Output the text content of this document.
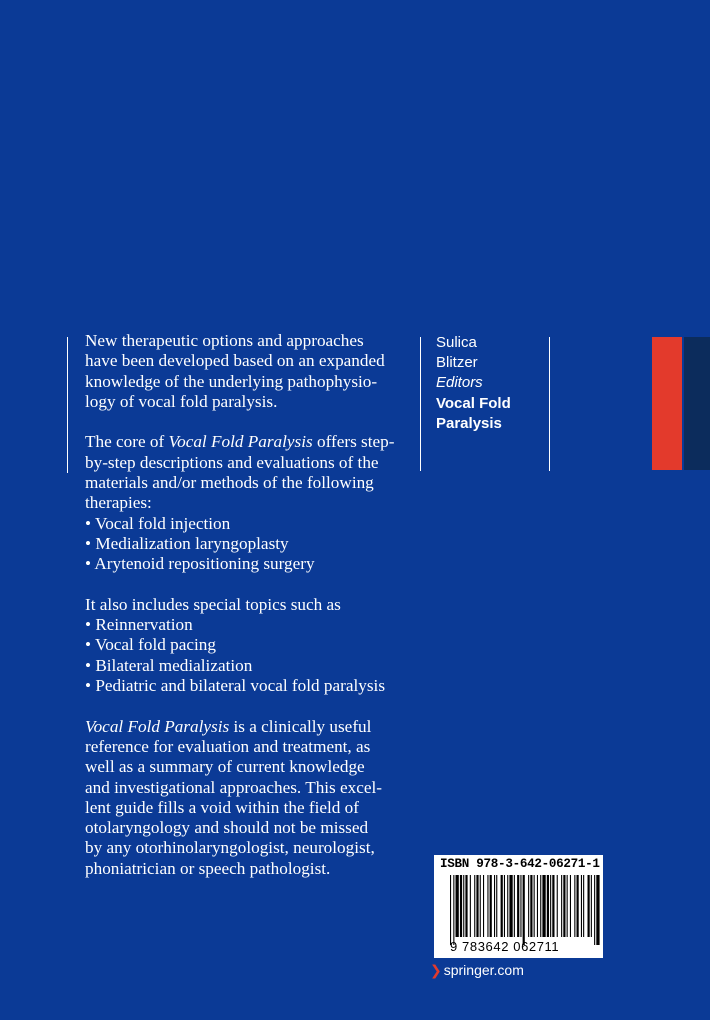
New therapeutic options and approaches
have been developed based on an expanded
knowledge of the underlying pathophysio-
logy of vocal fold paralysis.

The core of Vocal Fold Paralysis offers step-
by-step descriptions and evaluations of the
materials and/or methods of the following
therapies:
• Vocal fold injection
• Medialization laryngoplasty
• Arytenoid repositioning surgery

It also includes special topics such as
• Reinnervation
• Vocal fold pacing
• Bilateral medialization
• Pediatric and bilateral vocal fold paralysis

Vocal Fold Paralysis is a clinically useful
reference for evaluation and treatment, as
well as a summary of current knowledge
and investigational approaches. This excel-
lent guide fills a void within the field of
otolaryngology and should not be missed
by any otorhinolaryngologist, neurologist,
phoniatrician or speech pathologist.

Sulica
Blitzer
Editors
Vocal Fold
Paralysis
ISBN 978-3-642-06271-1
9 783642 062711
❯ springer.com
